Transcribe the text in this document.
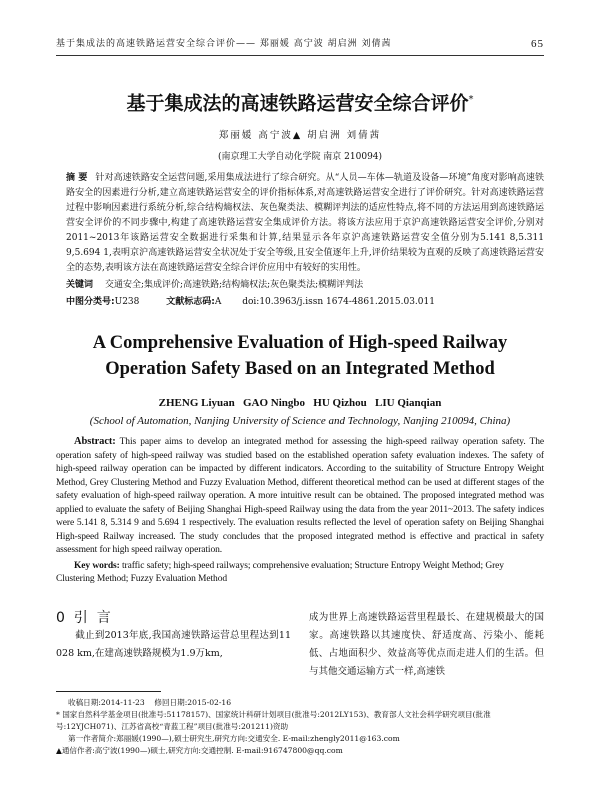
基于集成法的高速铁路运营安全综合评价—— 郑丽媛 高宁波 胡启洲 刘倩茜	65
基于集成法的高速铁路运营安全综合评价*
郑丽媛 高宁波▲ 胡启洲 刘倩茜
(南京理工大学自动化学院 南京 210094)
摘 要 针对高速铁路安全运营问题,采用集成法进行了综合研究。从“人员—车体—轨道及设备—环境”角度对影响高速铁路安全的因素进行分析,建立高速铁路运营安全的评价指标体系,对高速铁路运营安全进行了评价研究。针对高速铁路运营过程中影响因素进行系统分析,综合结构熵权法、灰色聚类法、模糊评判法的适应性特点,将不同的方法运用到高速铁路运营安全评价的不同步骤中,构建了高速铁路运营安全集成评价方法。将该方法应用于京沪高速铁路运营安全评价,分别对2011~2013年该路运营安全数据进行采集和计算,结果显示各年京沪高速铁路运营安全值分别为5.141 8,5.311 9,5.694 1,表明京沪高速铁路运营安全状况处于安全等级,且安全值逐年上升,评价结果较为直观的反映了高速铁路运营安全的态势,表明该方法在高速铁路运营安全综合评价应用中有较好的实用性。
关键词 交通安全;集成评价;高速铁路;结构熵权法;灰色聚类法;模糊评判法
中图分类号:U238	文献标志码:A doi:10.3963/j.issn 1674-4861.2015.03.011
A Comprehensive Evaluation of High-speed Railway
Operation Safety Based on an Integrated Method
ZHENG Liyuan   GAO Ningbo   HU Qizhou   LIU Qianqian
(School of Automation, Nanjing University of Science and Technology, Nanjing 210094, China)
Abstract: This paper aims to develop an integrated method for assessing the high-speed railway operation safety. The operation safety of high-speed railway was studied based on the established operation safety evaluation indexes. The safety of high-speed railway operation can be impacted by different indicators. According to the suitability of Structure Entropy Weight Method, Grey Clustering Method and Fuzzy Evaluation Method, different theoretical method can be used at different stages of the safety evaluation of high-speed railway operation. A more intuitive result can be obtained. The proposed integrated method was applied to evaluate the safety of Beijing Shanghai High-speed Railway using the data from the year 2011~2013. The safety indices were 5.141 8, 5.314 9 and 5.694 1 respectively. The evaluation results reflected the level of operation safety on Beijing Shanghai High-speed Railway increased. The study concludes that the proposed integrated method is effective and practical in safety assessment for high speed railway operation.
Key words: traffic safety; high-speed railways; comprehensive evaluation; Structure Entropy Weight Method; Grey Clustering Method; Fuzzy Evaluation Method
0  引  言
截止到2013年底,我国高速铁路运营总里程达到11 028 km,在建高速铁路规模为1.9万km,
成为世界上高速铁路运营里程最长、在建规模最大的国家。高速铁路以其速度快、舒适度高、污染小、能耗低、占地面积少、效益高等优点而走进人们的生活。但与其他交通运输方式一样,高速铁
收稿日期:2014-11-23    修回日期:2015-02-16
* 国家自然科学基金项目(批准号:51178157)、国家统计科研计划项目(批准号:2012LY153)、教育部人文社会科学研究项目(批准号:12YJCH071)、江苏省高校“青蓝工程”项目(批准号:201211)资助
第一作者简介:郑丽媛(1990—),硕士研究生,研究方向:交通安全. E-mail:zhengly2011@163.com
▲通信作者:高宁波(1990—)硕士,研究方向:交通控制. E-mail:916747800@qq.com
